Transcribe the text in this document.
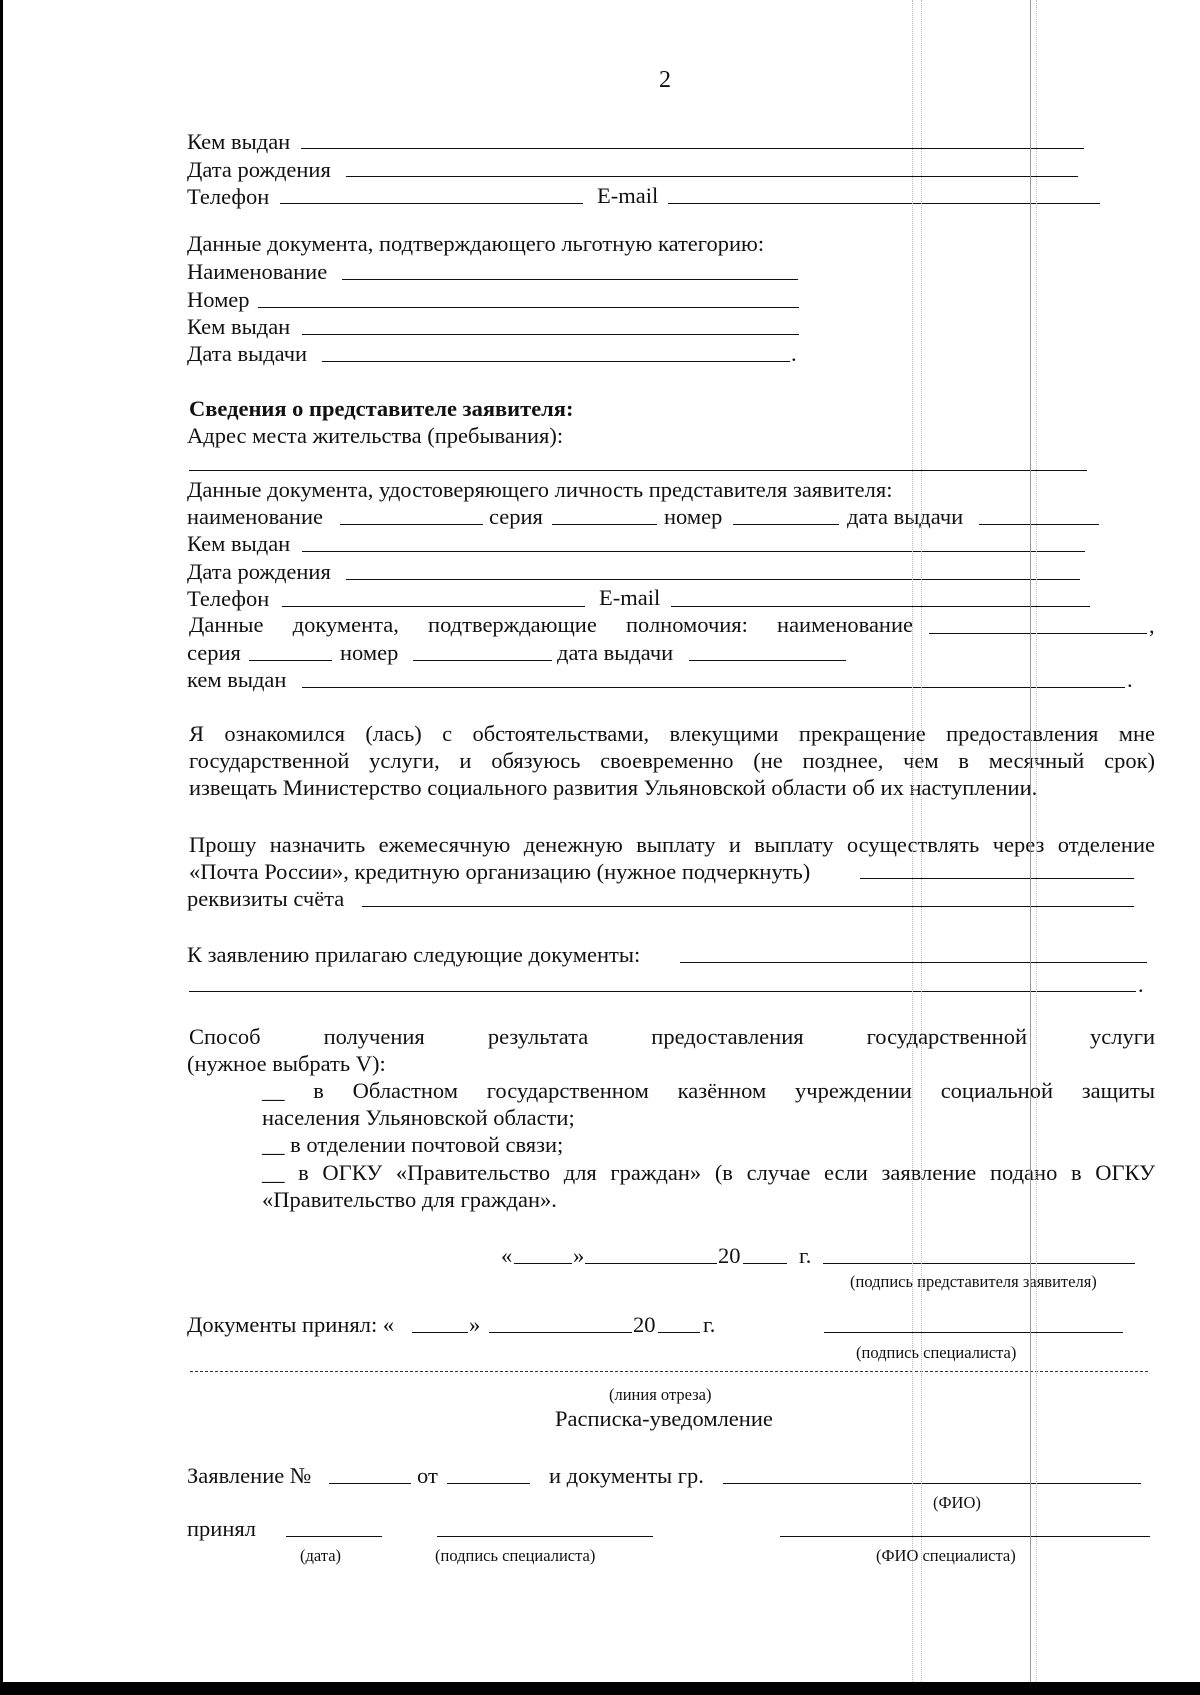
2
Кем выдан
Дата рождения
Телефон	E-mail
Данные документа, подтверждающего льготную категорию:
Наименование
Номер
Кем выдан
Дата выдачи	.
Сведения о представителе заявителя:
Адрес места жительства (пребывания):
Данные документа, удостоверяющего личность представителя заявителя:
наименование	серия	номер	дата выдачи
Кем выдан
Дата рождения
Телефон	E-mail
Данные документа, подтверждающие полномочия: наименование	,
серия	номер	дата выдачи
кем выдан	.
Я ознакомился (лась) с обстоятельствами, влекущими прекращение предоставления мне
государственной услуги, и обязуюсь своевременно (не позднее, чем в месячный срок)
извещать Министерство социального развития Ульяновской области об их наступлении.
Прошу назначить ежемесячную денежную выплату и выплату осуществлять через отделение
«Почта России», кредитную организацию (нужное подчеркнуть)
реквизиты счёта
К заявлению прилагаю следующие документы:
.
Способ	получения	результата	предоставления	государственной	услуги
(нужное выбрать V):
__ в Областном государственном казённом учреждении социальной защиты
населения Ульяновской области;
__ в отделении почтовой связи;
__ в ОГКУ «Правительство для граждан» (в случае если заявление подано в ОГКУ
«Правительство для граждан».
«	»	20	г.
(подпись представителя заявителя)
Документы принял: «	»	20 г.
(подпись специалиста)
(линия отреза)
Расписка-уведомление
Заявление №	от	и документы гр.
(ФИО)
принял
(дата)	(подпись специалиста)	(ФИО специалиста)
